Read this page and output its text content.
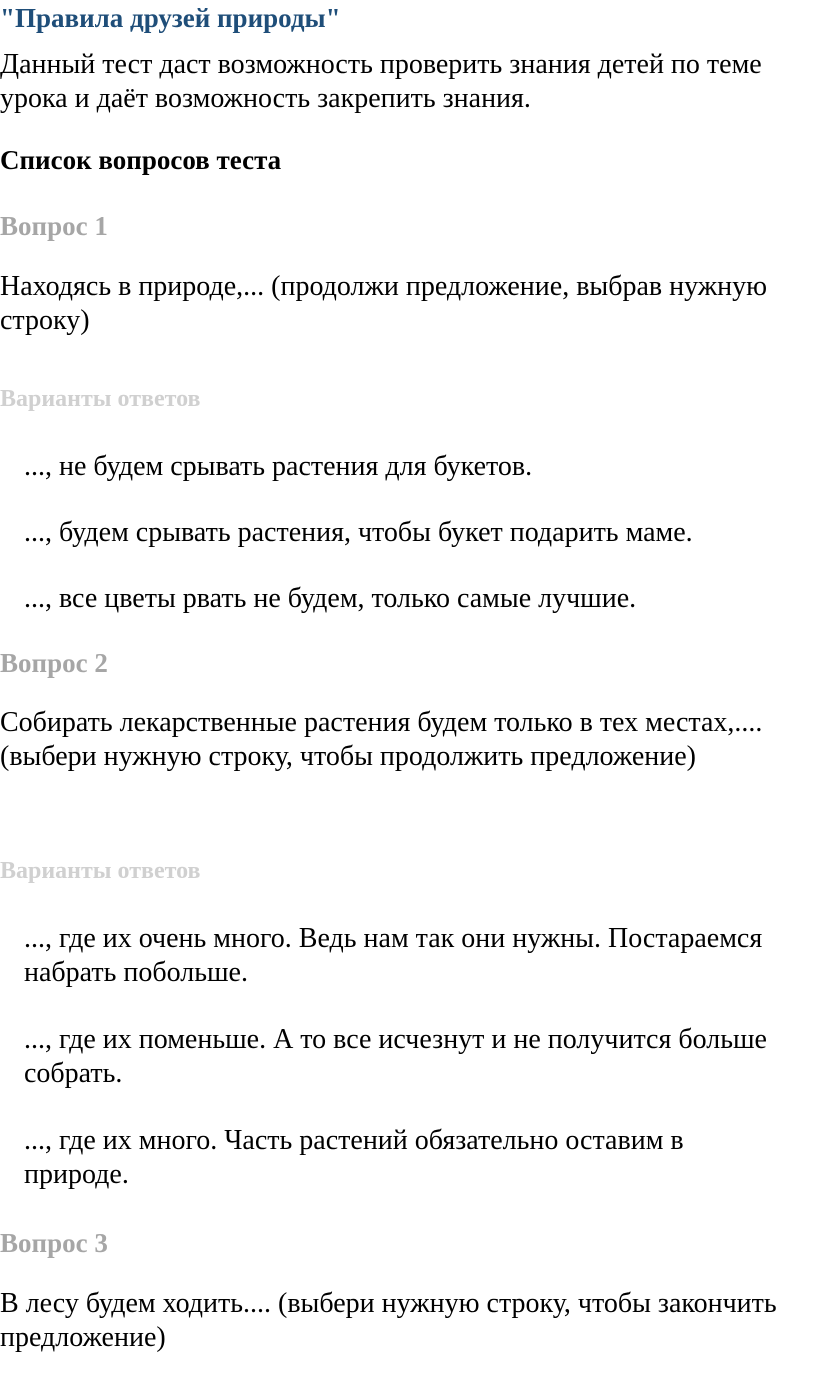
"Правила друзей природы"

Данный тест даст возможность проверить знания детей по теме урока и даёт возможность закрепить знания.

Список вопросов теста
Вопрос 1

Находясь в природе,... (продолжи предложение, выбрав нужную строку)

Варианты ответов

..., не будем срывать растения для букетов.

..., будем срывать растения, чтобы букет подарить маме.

..., все цветы рвать не будем, только самые лучшие.

Вопрос 2

Собирать лекарственные растения будем только в тех местах,.... (выбери нужную строку, чтобы продолжить предложение)

Варианты ответов

..., где их очень много. Ведь нам так они нужны. Постараемся набрать побольше.

..., где их поменьше. А то все исчезнут и не получится больше собрать.

..., где их много. Часть растений обязательно оставим в природе.

Вопрос 3

В лесу будем ходить.... (выбери нужную строку, чтобы закончить предложение)
